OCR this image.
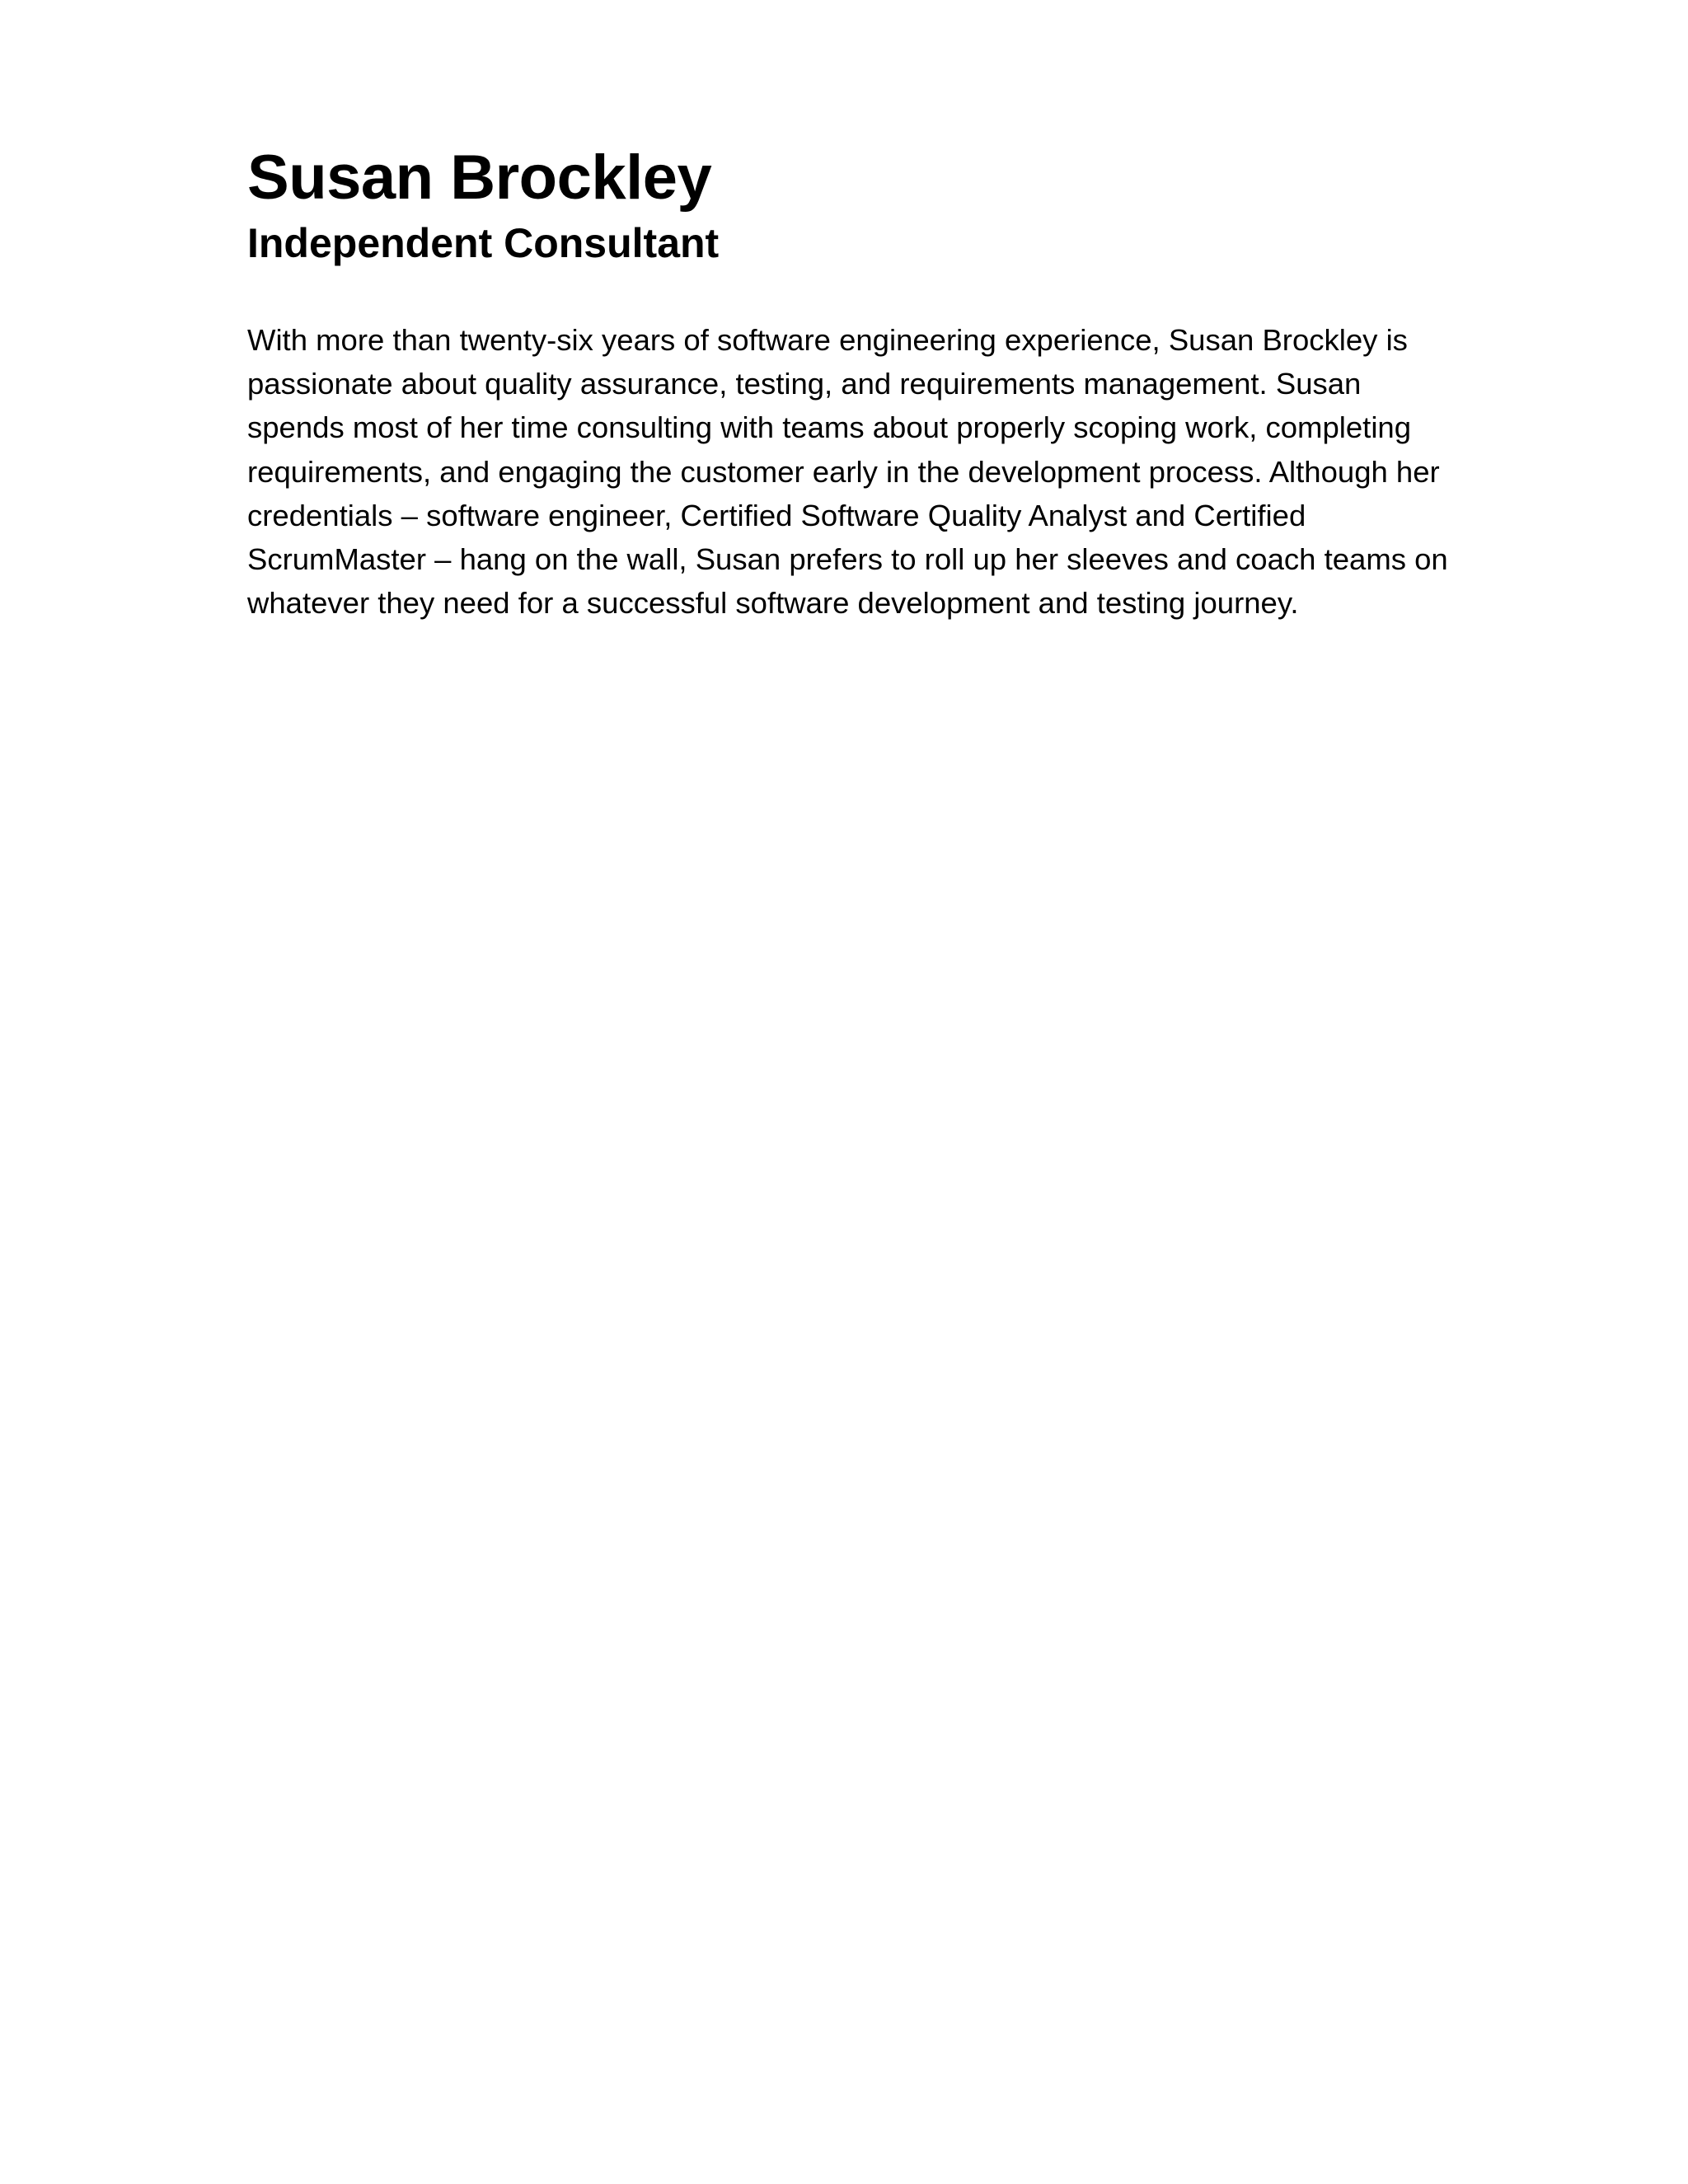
Susan Brockley
Independent Consultant

With more than twenty-six years of software engineering experience, Susan Brockley is passionate about quality assurance, testing, and requirements management. Susan spends most of her time consulting with teams about properly scoping work, completing requirements, and engaging the customer early in the development process. Although her credentials – software engineer, Certified Software Quality Analyst and Certified ScrumMaster – hang on the wall, Susan prefers to roll up her sleeves and coach teams on whatever they need for a successful software development and testing journey.
